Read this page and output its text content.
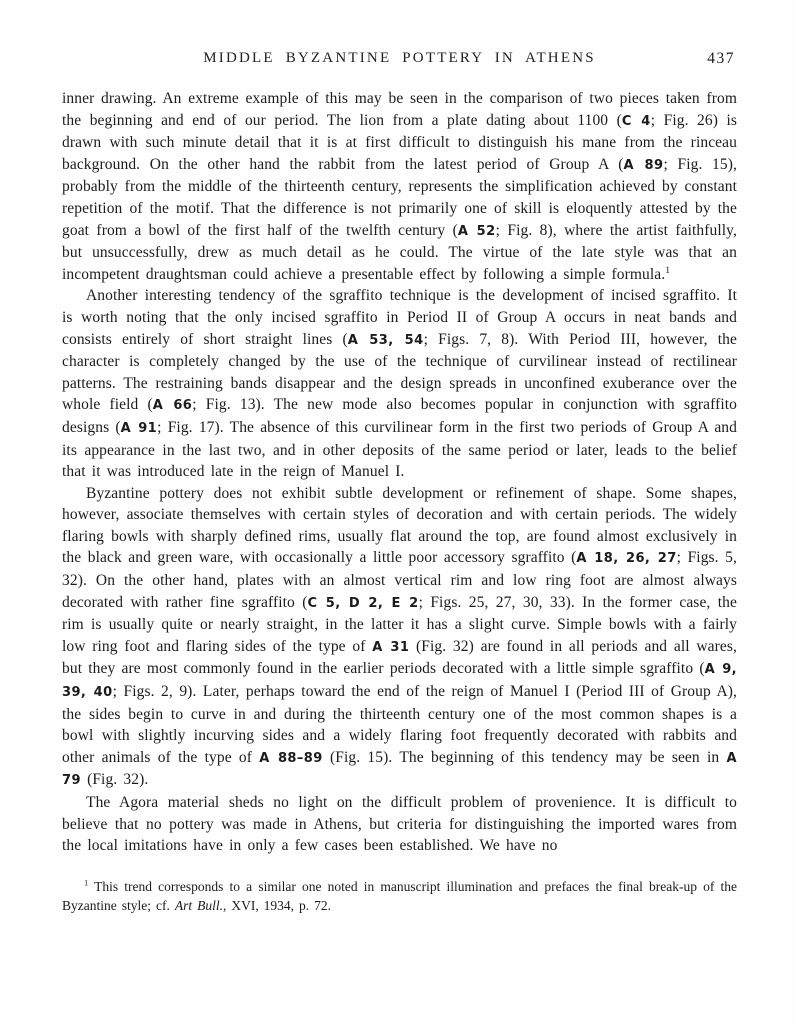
MIDDLE BYZANTINE POTTERY IN ATHENS	437

inner drawing. An extreme example of this may be seen in the comparison of two pieces taken from the beginning and end of our period. The lion from a plate dating about 1100 (C 4; Fig. 26) is drawn with such minute detail that it is at first difficult to distinguish his mane from the rinceau background. On the other hand the rabbit from the latest period of Group A (A 89; Fig. 15), probably from the middle of the thirteenth century, represents the simplification achieved by constant repetition of the motif. That the difference is not primarily one of skill is eloquently attested by the goat from a bowl of the first half of the twelfth century (A 52; Fig. 8), where the artist faithfully, but unsuccessfully, drew as much detail as he could. The virtue of the late style was that an incompetent draughtsman could achieve a presentable effect by following a simple formula.$^1$

Another interesting tendency of the sgraffito technique is the development of incised sgraffito. It is worth noting that the only incised sgraffito in Period II of Group A occurs in neat bands and consists entirely of short straight lines (A 53, 54; Figs. 7, 8). With Period III, however, the character is completely changed by the use of the technique of curvilinear instead of rectilinear patterns. The restraining bands disappear and the design spreads in unconfined exuberance over the whole field (A 66; Fig. 13). The new mode also becomes popular in conjunction with sgraffito designs (A 91; Fig. 17). The absence of this curvilinear form in the first two periods of Group A and its appearance in the last two, and in other deposits of the same period or later, leads to the belief that it was introduced late in the reign of Manuel I.

Byzantine pottery does not exhibit subtle development or refinement of shape. Some shapes, however, associate themselves with certain styles of decoration and with certain periods. The widely flaring bowls with sharply defined rims, usually flat around the top, are found almost exclusively in the black and green ware, with occasionally a little poor accessory sgraffito (A 18, 26, 27; Figs. 5, 32). On the other hand, plates with an almost vertical rim and low ring foot are almost always decorated with rather fine sgraffito (C 5, D 2, E 2; Figs. 25, 27, 30, 33). In the former case, the rim is usually quite or nearly straight, in the latter it has a slight curve. Simple bowls with a fairly low ring foot and flaring sides of the type of A 31 (Fig. 32) are found in all periods and all wares, but they are most commonly found in the earlier periods decorated with a little simple sgraffito (A 9, 39, 40; Figs. 2, 9). Later, perhaps toward the end of the reign of Manuel I (Period III of Group A), the sides begin to curve in and during the thirteenth century one of the most common shapes is a bowl with slightly incurving sides and a widely flaring foot frequently decorated with rabbits and other animals of the type of A 88–89 (Fig. 15). The beginning of this tendency may be seen in A 79 (Fig. 32).

The Agora material sheds no light on the difficult problem of provenience. It is difficult to believe that no pottery was made in Athens, but criteria for distinguishing the imported wares from the local imitations have in only a few cases been established. We have no

$^1$ This trend corresponds to a similar one noted in manuscript illumination and prefaces the final break-up of the Byzantine style; cf. Art Bull., XVI, 1934, p. 72.
